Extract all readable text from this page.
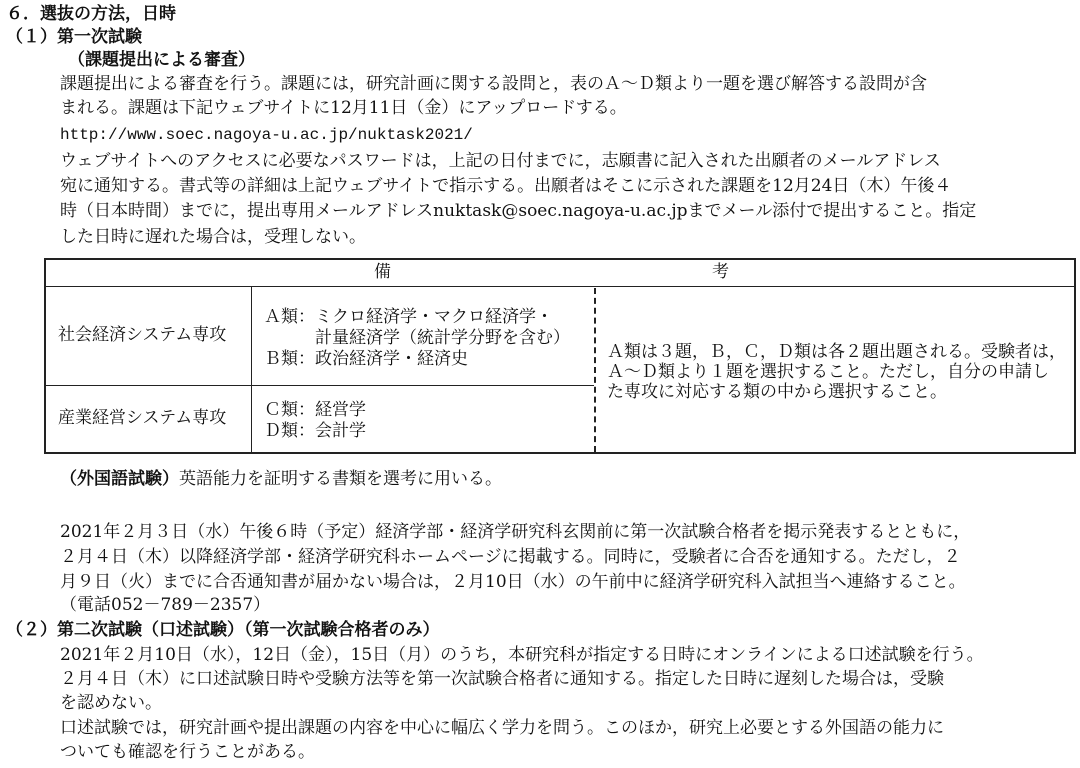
６．選抜の方法，日時
（１）第一次試験
（課題提出による審査）
課題提出による審査を行う。課題には，研究計画に関する設問と，表のＡ～Ｄ類より一題を選び解答する設問が含
まれる。課題は下記ウェブサイトに12月11日（金）にアップロードする。
http://www.soec.nagoya-u.ac.jp/nuktask2021/
ウェブサイトへのアクセスに必要なパスワードは，上記の日付までに，志願書に記入された出願者のメールアドレス
宛に通知する。書式等の詳細は上記ウェブサイトで指示する。出願者はそこに示された課題を12月24日（木）午後４
時（日本時間）までに，提出専用メールアドレスnuktask@soec.nagoya-u.ac.jpまでメール添付で提出すること。指定
した日時に遅れた場合は，受理しない。
備	考
社会経済システム専攻
Ａ類：ミクロ経済学・マクロ経済学・
　　　計量経済学（統計学分野を含む）
Ｂ類：政治経済学・経済史
産業経営システム専攻 Ｃ類：経営学
Ｄ類：会計学
Ａ類は３題，Ｂ，Ｃ，Ｄ類は各２題出題される。受験者は，
Ａ～Ｄ類より１題を選択すること。ただし，自分の申請し
た専攻に対応する類の中から選択すること。
（外国語試験）英語能力を証明する書類を選考に用いる。
2021年２月３日（水）午後６時（予定）経済学部・経済学研究科玄関前に第一次試験合格者を掲示発表するとともに，
２月４日（木）以降経済学部・経済学研究科ホームページに掲載する。同時に，受験者に合否を通知する。ただし，２
月９日（火）までに合否通知書が届かない場合は，２月10日（水）の午前中に経済学研究科入試担当へ連絡すること。
（電話052－789－2357）
（２）第二次試験（口述試験）（第一次試験合格者のみ）
2021年２月10日（水），12日（金），15日（月）のうち，本研究科が指定する日時にオンラインによる口述試験を行う。
２月４日（木）に口述試験日時や受験方法等を第一次試験合格者に通知する。指定した日時に遅刻した場合は，受験
を認めない。
口述試験では，研究計画や提出課題の内容を中心に幅広く学力を問う。このほか，研究上必要とする外国語の能力に
ついても確認を行うことがある。
